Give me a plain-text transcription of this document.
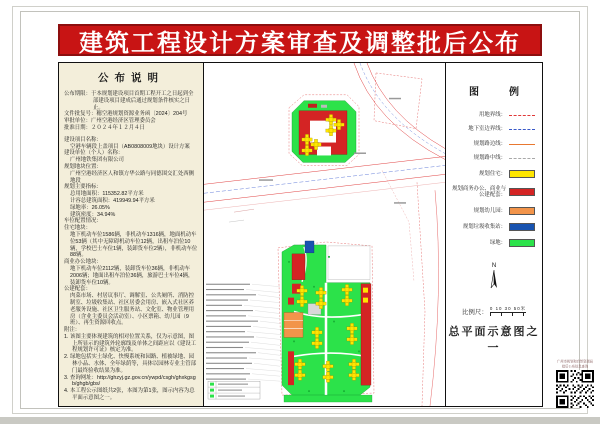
建筑工程设计方案审查及调整批后公布
公布说明

公布期限：于本规划建设项目首期工程开工之日起到全部建设项目建成后通过规划条件核实之日止。

文件批复号：穗空港规划资源业务函〔2024〕204号

审批单位：广州空港经济区管理委员会

批准日期：２０２４年１２月４日

建设项目名称：

空港车辆段上盖项目（AB0808009地块）设计方案

建设单位（个人）名称：

广州地铁集团有限公司

规划地块位置：

广州空港经济区人和镇方华公路与同德围交汇处西侧地段

规划主要指标：

总用地面积：115352.82平方米

计容总建筑面积：419949.94平方米

绿地率：26.05%

建筑密度：34.94%

车位配置情况：

住宅地块：

地下机动车位1586辆，非机动车1316辆，地面机动车位53辆（其中无障碍机动车位12辆，出租车泊位10辆，学校巴士车位1辆，装卸货车位2辆），非机动车位88辆。

商业办公地块：

地下机动车位2112辆，装卸货车位36辆，非机动车2006辆；地面出租车泊位36辆，旅游巴士车位4辆，装卸货车位10辆。

公建配套：

肉菜市场、村居议事厅、调解室、公共厕所、消防控制室、垃圾收集站、社区居委会用房、嵌入式社区养老服务设施、社区卫生服务站、文化室、物业管理用房（含业主委员会活动室）、小区票箱、幼儿园（9班）、再生资源回收点。

附注：

1. 该图主要体现建筑的相对位置关系，仅为示意图，图上所显示的建筑外轮廓线及单体之间距应以《建设工程规划许可证》核定为准。

2. 绿地包括实土绿化、快慢系统和园路、植被绿地、园林小品、水体、全年绿荫等，具体以园林专业主管部门最终验收结果为准。

3. 查询网址：http://ghzyj.gz.gov.cn/ywpd/csgh/ghxkgsgb/ghgb/gbs/

4. 本工程公示图纸共2张，本图为第1张，图示内容为总平面示意图之一。

图　例
用地界线：
地下室边界线：
规划路边线：
规划路中线：
规划住宅：
规划商务办公、商业与公建配套：
规划幼儿园：
规划垃圾收集站：
绿地：
N
比例尺：
0 10 30 50米
总平面示意图之一
广州市规划和自然资源局
批后公布信息查询
